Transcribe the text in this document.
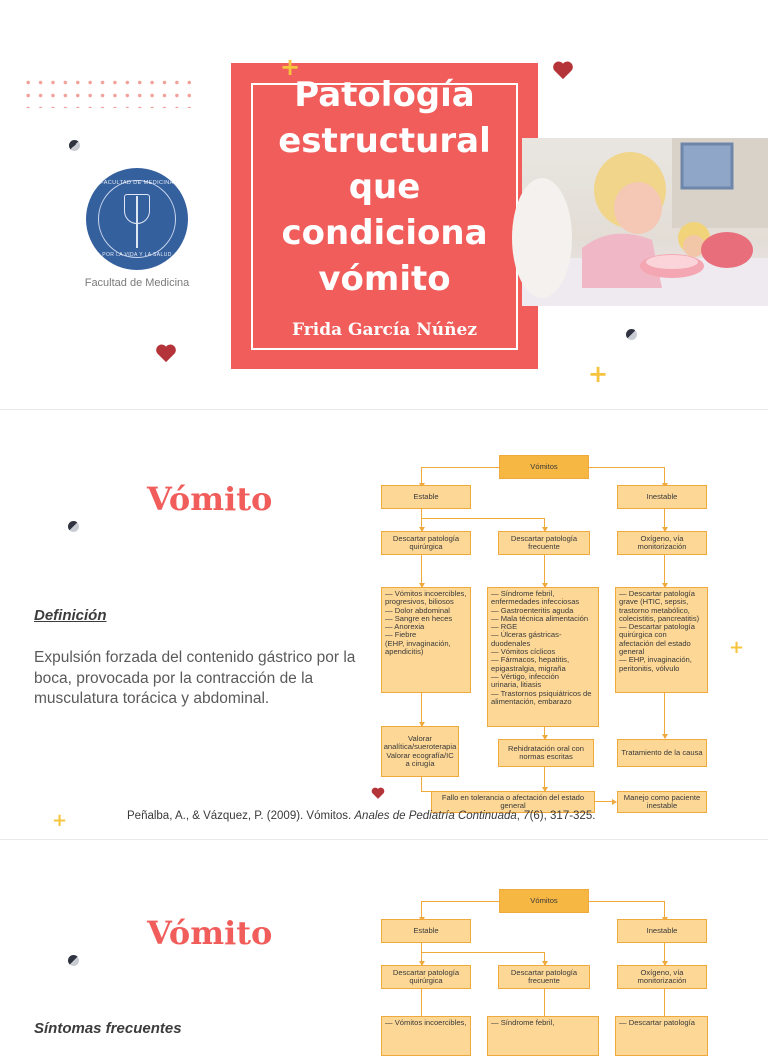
FACULTAD DE MEDICINA
POR LA VIDA Y LA SALUD
Facultad de Medicina
Patología estructural que condiciona vómito
Frida García Núñez
+
+
Vómito
Definición
Expulsión forzada del contenido gástrico por la boca, provocada por la contracción de la musculatura torácica y abdominal.
+
+
Vómitos
Estable	Inestable
Descartar patología quirúrgica
Descartar patología frecuente
Oxígeno, vía monitorización
— Vómitos incoercibles,
progresivos, biliosos
— Dolor abdominal
— Sangre en heces
— Anorexia
— Fiebre
(EHP, invaginación,
apendicitis)
— Síndrome febril,
enfermedades infecciosas
— Gastroenteritis aguda
— Mala técnica alimentación
— RGE
— Úlceras gástricas-
duodenales
— Vómitos cíclicos
— Fármacos, hepatitis,
epigastralgia, migraña
— Vértigo, infección
urinaria, litiasis
— Trastornos psiquiátricos de
alimentación, embarazo
— Descartar patología
grave (HTIC, sepsis,
trastorno metabólico,
colecistitis, pancreatitis)
— Descartar patología
quirúrgica con
afectación del estado
general
— EHP, invaginación,
peritonitis, vólvulo
Valorar analítica/sueroterapia Valorar ecografía/IC a cirugía
Rehidratación oral con normas escritas	Tratamiento de la causa
Fallo en tolerancia o afectación del estado general
Manejo como paciente inestable
Peñalba, A., & Vázquez, P. (2009). Vómitos. Anales de Pediatría Continuada, 7(6), 317-325.
Vómito
Síntomas frecuentes
Vómitos
Estable	Inestable
Descartar patología quirúrgica
Descartar patología frecuente
Oxígeno, vía monitorización
— Vómitos incoercibles,	— Síndrome febril,	— Descartar patología
